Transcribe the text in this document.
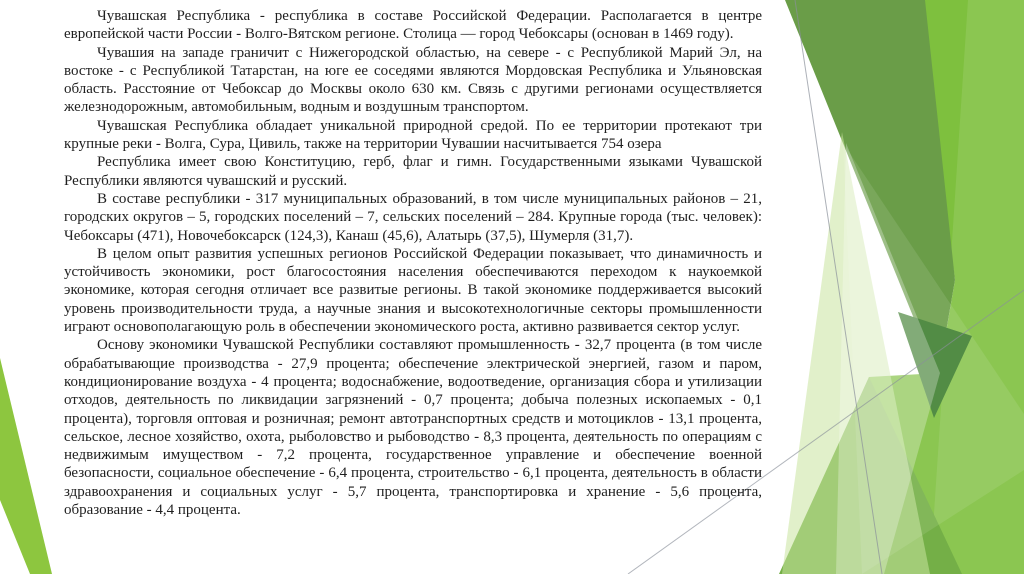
Чувашская Республика - республика в составе Российской Федерации. Располагается в центре европейской части России - Волго-Вятском регионе. Столица — город Чебоксары (основан в 1469 году).

Чувашия на западе граничит с Нижегородской областью, на севере - с Республикой Марий Эл, на востоке - с Республикой Татарстан, на юге ее соседями являются Мордовская Республика и Ульяновская область. Расстояние от Чебоксар до Москвы около 630 км. Связь с другими регионами осуществляется железнодорожным, автомобильным, водным и воздушным транспортом.

Чувашская Республика обладает уникальной природной средой. По ее территории протекают три крупные реки - Волга, Сура, Цивиль, также на территории Чувашии насчитывается 754 озера

Республика имеет свою Конституцию, герб, флаг и гимн. Государственными языками Чувашской Республики являются чувашский и русский.

В составе республики - 317 муниципальных образований, в том числе муниципальных районов – 21, городских округов – 5, городских поселений – 7, сельских поселений – 284. Крупные города (тыс. человек): Чебоксары (471), Новочебоксарск (124,3), Канаш (45,6), Алатырь (37,5), Шумерля (31,7).

В целом опыт развития успешных регионов Российской Федерации показывает, что динамичность и устойчивость экономики, рост благосостояния населения обеспечиваются переходом к наукоемкой экономике, которая сегодня отличает все развитые регионы. В такой экономике поддерживается высокий уровень производительности труда, а научные знания и высокотехнологичные секторы промышленности играют основополагающую роль в обеспечении экономического роста, активно развивается сектор услуг.

Основу экономики Чувашской Республики составляют промышленность - 32,7 процента (в том числе обрабатывающие производства - 27,9 процента; обеспечение электрической энергией, газом и паром, кондиционирование воздуха - 4 процента; водоснабжение, водоотведение, организация сбора и утилизации отходов, деятельность по ликвидации загрязнений - 0,7 процента; добыча полезных ископаемых - 0,1 процента), торговля оптовая и розничная; ремонт автотранспортных средств и мотоциклов - 13,1 процента, сельское, лесное хозяйство, охота, рыболовство и рыбоводство - 8,3 процента, деятельность по операциям с недвижимым имуществом - 7,2 процента, государственное управление и обеспечение военной безопасности, социальное обеспечение - 6,4 процента, строительство - 6,1 процента, деятельность в области здравоохранения и социальных услуг - 5,7 процента, транспортировка и хранение - 5,6 процента, образование - 4,4 процента.
